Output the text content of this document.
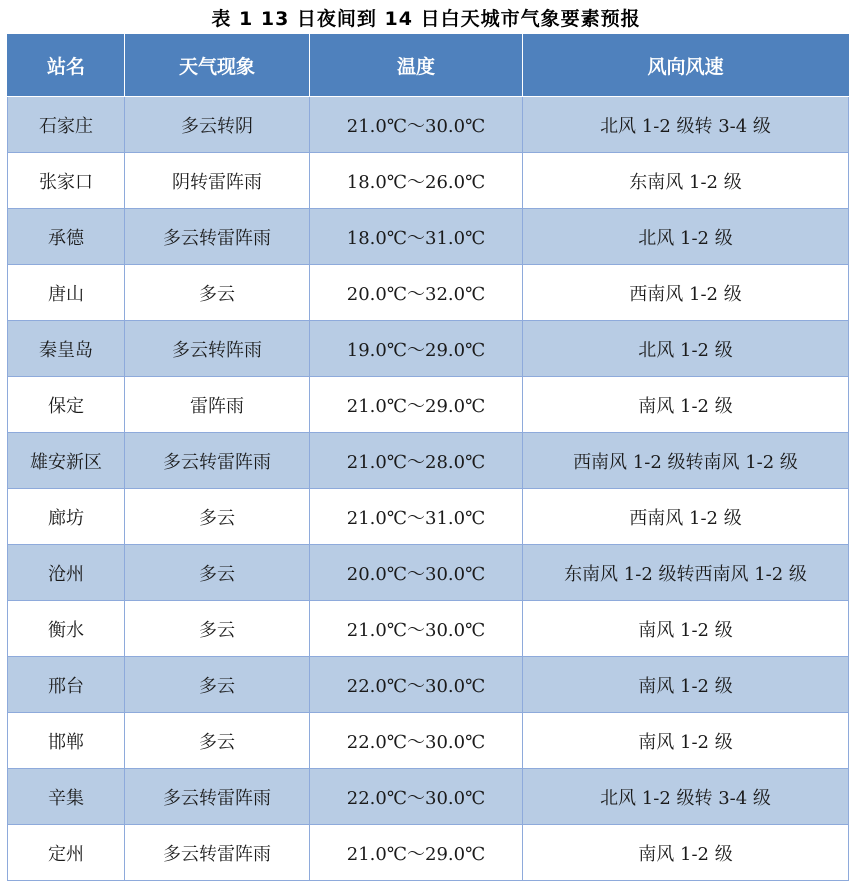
表 1 13 日夜间到 14 日白天城市气象要素预报
站名	天气现象	温度	风向风速
石家庄	多云转阴	21.0℃～30.0℃	北风 1-2 级转 3-4 级
张家口	阴转雷阵雨	18.0℃～26.0℃	东南风 1-2 级
承德	多云转雷阵雨	18.0℃～31.0℃	北风 1-2 级
唐山	多云	20.0℃～32.0℃	西南风 1-2 级
秦皇岛	多云转阵雨	19.0℃～29.0℃	北风 1-2 级
保定	雷阵雨	21.0℃～29.0℃	南风 1-2 级
雄安新区	多云转雷阵雨	21.0℃～28.0℃	西南风 1-2 级转南风 1-2 级
廊坊	多云	21.0℃～31.0℃	西南风 1-2 级
沧州	多云	20.0℃～30.0℃	东南风 1-2 级转西南风 1-2 级
衡水	多云	21.0℃～30.0℃	南风 1-2 级
邢台	多云	22.0℃～30.0℃	南风 1-2 级
邯郸	多云	22.0℃～30.0℃	南风 1-2 级
辛集	多云转雷阵雨	22.0℃～30.0℃	北风 1-2 级转 3-4 级
定州	多云转雷阵雨	21.0℃～29.0℃	南风 1-2 级
